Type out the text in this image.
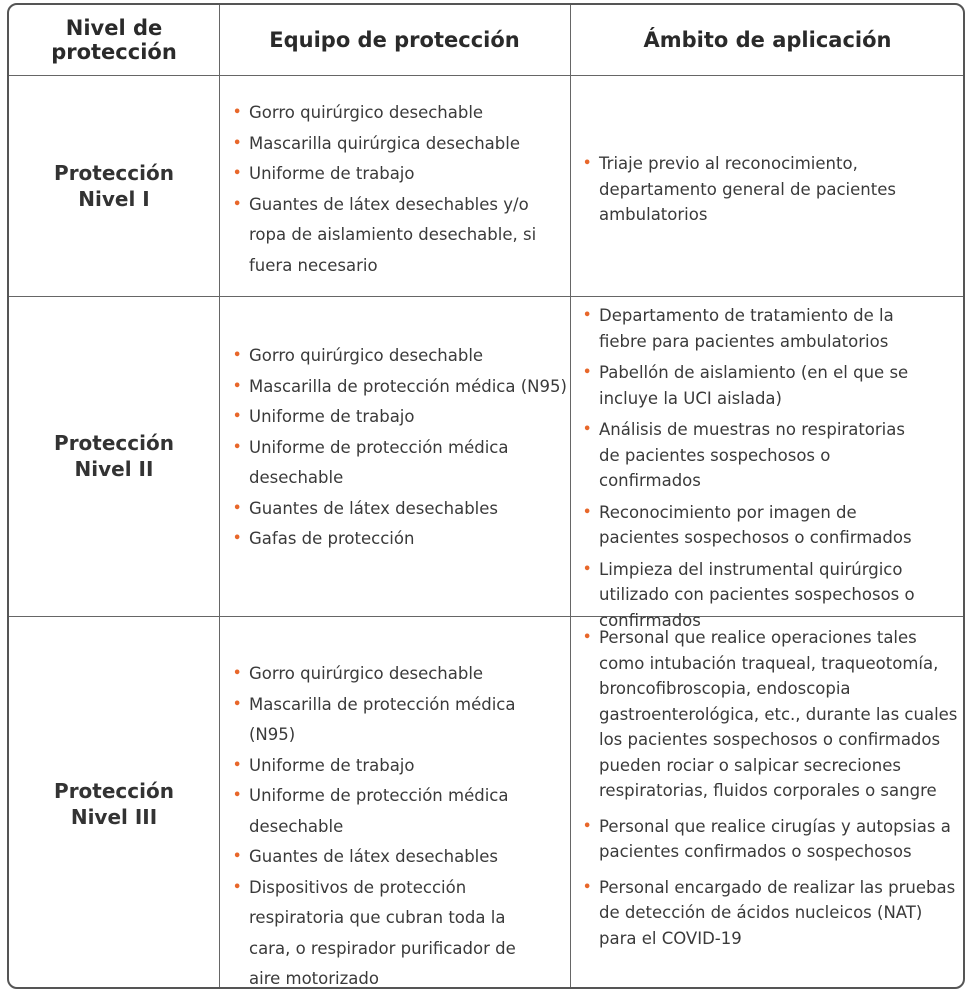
Nivel de protección	Equipo de protección	Ámbito de aplicación
Protección Nivel I
• Gorro quirúrgico desechable
• Mascarilla quirúrgica desechable
• Uniforme de trabajo
• Guantes de látex desechables y/o ropa de aislamiento desechable, si fuera necesario
• Triaje previo al reconocimiento, departamento general de pacientes ambulatorios
Protección Nivel II
• Gorro quirúrgico desechable
• Mascarilla de protección médica (N95)
• Uniforme de trabajo
• Uniforme de protección médica desechable
• Guantes de látex desechables
• Gafas de protección
• Departamento de tratamiento de la fiebre para pacientes ambulatorios
• Pabellón de aislamiento (en el que se incluye la UCI aislada)
• Análisis de muestras no respiratorias de pacientes sospechosos o confirmados
• Reconocimiento por imagen de pacientes sospechosos o confirmados
• Limpieza del instrumental quirúrgico utilizado con pacientes sospechosos o confirmados
Protección Nivel III
• Gorro quirúrgico desechable
• Mascarilla de protección médica (N95)
• Uniforme de trabajo
• Uniforme de protección médica desechable
• Guantes de látex desechables
• Dispositivos de protección respiratoria que cubran toda la cara, o respirador purificador de aire motorizado
• Personal que realice operaciones tales como intubación traqueal, traqueotomía, broncofibroscopia, endoscopia gastroenterológica, etc., durante las cuales los pacientes sospechosos o confirmados pueden rociar o salpicar secreciones respiratorias, fluidos corporales o sangre
• Personal que realice cirugías y autopsias a pacientes confirmados o sospechosos
• Personal encargado de realizar las pruebas de detección de ácidos nucleicos (NAT) para el COVID-19
